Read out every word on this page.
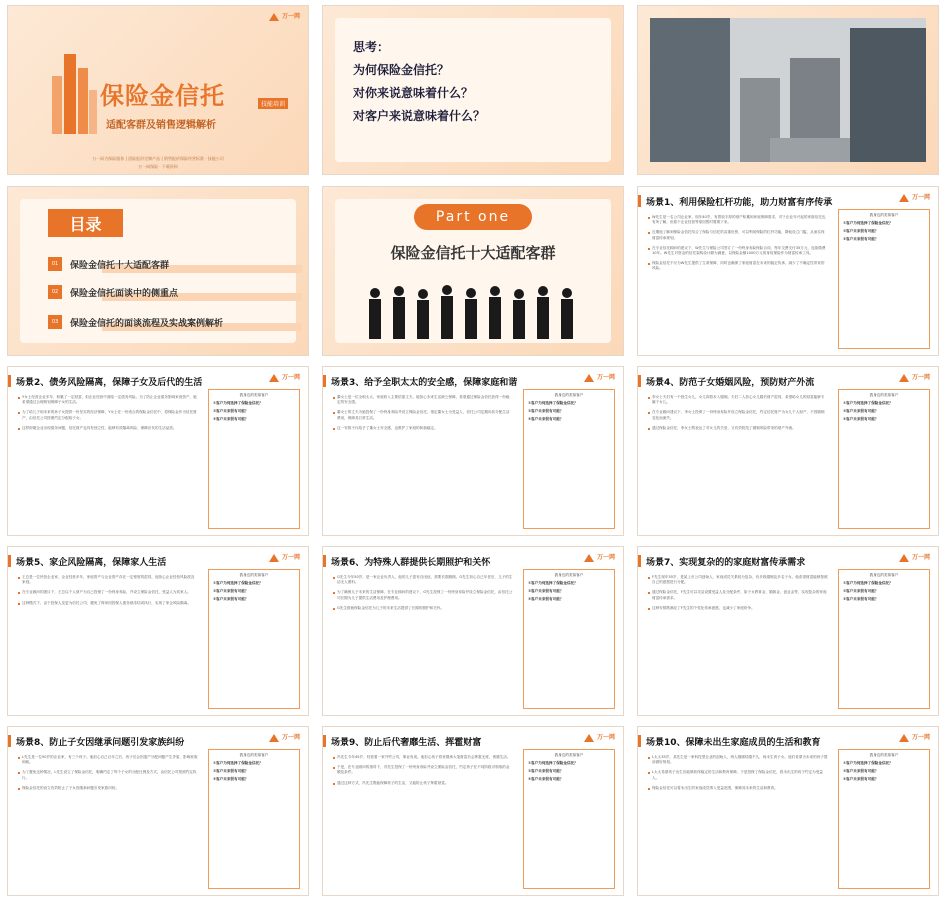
万一网
保险金信托	技能培训
适配客群及销售逻辑解析
万一网为保险服务 | 团险报价定制产品 | 销售报价保险经营标准 · 技能公司
万一网保险 · 下载资料
思考：
为何保险金信托？
对你来说意味着什么？
对客户来说意味着什么？
目录
01	保险金信托十大适配客群
02	保险金信托面谈中的侧重点
03	保险金信托的面谈流程及实战案例解析
Part one
保险金信托十大适配客群
万一网
场景1、利用保险杠杆功能，助力财富有序传承

W先生是一名公司企业家，现年40岁，有着较丰厚的财产积累和家庭保障需求，对于企业年兴起的家族信托也有所了解，但基于企业经营等原因暂时暂缓下来。

近期他了解到保险金信托结合了保险与信托的双重优势，可以利用保险的杠杆功能，降低设立门槛，从而实现财富传承规划。

在专业信托顾问的建议下，W先生与保险公司签订了一份终身寿险保险合同，每年交费支付35万元，连续缴费10年。W先生对资金的信托架构设计颇为满意，以保险金额1000万元的身故保险作为财富传承工具。

保险金信托不仅为W先生提供了生命保障，同时也确保了家庭财富在未来的稳定传承，减少了不确定性带来的风险。

我身边的类似客户
①客户为何选择了保险金信托？
②客户未来很有可能？
③客户未来很有可能？
万一网
场景2、债务风险隔离，保障子女及后代的生活

Y女士经营企业多年，积累了一定财富，但企业经营中面临一定债务风险。为了防止企业债务影响家庭资产，她希望通过合理规划保障子女的生活。

为了给儿子和未来的孙子女提供一份坚实的经济保障，Y女士在一份适合的保险金信托中，将保险金作为信托财产，由信托公司按照约定分配给子女。

这样即便企业出现债务问题，信托财产也具有独立性，能够有效隔离风险，保障后代的生活品质。

我身边的类似客户
①客户为何选择了保险金信托？
②客户未来很有可能？
③客户未来很有可能？
万一网
场景3、给予全职太太的安全感，保障家庭和谐

董女士是一位全职太太，家庭收入主要依靠丈夫。她担心未来生活缺乏保障，希望通过保险金信托获得一份稳定的安全感。

董女士的丈夫为她投保了一份终身寿险并设立保险金信托，指定董女士为受益人，信托公司定期向其分配生活费用，保障其日常生活。

这一安排不仅给予了董女士安全感，也维护了家庭的和谐稳定。

我身边的类似客户
①客户为何选择了保险金信托？
②客户未来很有可能？
③客户未来很有可能？
万一网
场景4、防范子女婚姻风险，预防财产外流

李女士夫妇有一个独生女儿，女儿即将步入婚姻。夫妇二人担心女儿婚后财产混同，希望给女儿的财富能够专属于女儿。

在专业顾问建议下，李女士投保了一份终身寿险并设立保险金信托，约定信托财产为女儿个人财产，不因婚姻变化而流失。

通过保险金信托，李女士既表达了对女儿的关爱，又有效防范了婚姻风险带来的财产外流。

我身边的类似客户
①客户为何选择了保险金信托？
②客户未来很有可能？
③客户未来很有可能？
万一网
场景5、家企风险隔离，保障家人生活

王总是一位民营企业家，企业经营多年，家庭资产与企业资产存在一定程度的混同，他担心企业经营风险波及家庭。

在专业顾问的建议下，王总以个人财产为自己投保了一份终身寿险，并设立保险金信托，受益人为其家人。

这种模式下，由于投保人变更为信托公司，避免了保单因投保人债务被冻结或执行，实现了家企风险隔离。

我身边的类似客户
①客户为何选择了保险金信托？
②客户未来很有可能？
③客户未来很有可能？
万一网
场景6、为特殊人群提供长期照护和关怀

G先生今年50岁，是一家企业负责人，他的儿子患有自闭症，需要长期照顾。G先生担心自己年老后，儿子的生活无人照料。

为了确保儿子未来的生活保障，在专业顾问的建议下，G先生投保了一份终身寿险并设立保险金信托，由信托公司长期为儿子提供生活费用及护理费用。

G先生借助保险金信托为儿子的未来生活提供了长期的照护和关怀。

我身边的类似客户
①客户为何选择了保险金信托？
②客户未来很有可能？
③客户未来很有可能？
万一网
场景7、实现复杂的的家庭财富传承需求

F先生现年55岁，是某上市公司创始人，家庭成员关系较为复杂，有多段婚姻及多名子女。他希望财富能够按照自己的意愿进行分配。

通过保险金信托，F先生可以灵活设置受益人及分配条件，如子女教育金、婚嫁金、创业金等，实现复杂的家庭财富传承需求。

这种安排既满足了F先生的个性化传承意愿，也减少了家庭纷争。

我身边的类似客户
①客户为何选择了保险金信托？
②客户未来很有可能？
③客户未来很有可能？
万一网
场景8、防止子女因继承问题引发家族纠纷

L先生是一位50岁的企业家，有三个孩子。他担心自己百年之后，孩子们会因遗产分配问题产生矛盾，影响家族和睦。

为了避免这种情况，L先生设立了保险金信托，明确约定了每个子女的分配比例及方式，由信托公司按照约定执行。

保险金信托的设立有效防止了子女因继承问题引发家族纠纷。

我身边的类似客户
①客户为何选择了保险金信托？
②客户未来很有可能？
③客户未来很有可能？
万一网
场景9、防止后代奢靡生活、挥霍财富

冯先生今年45岁，经营着一家外贸公司，事业有成。他担心孩子将来继承大笔财富后会挥霍无度，奢靡生活。

于是，在专业顾问的指导下，冯先生投保了一份终身寿险并设立保险金信托，约定孩子在不同阶段可领取的金额及条件。

通过这种方式，冯先生既能保障孩子的生活，又能防止孩子挥霍财富。

我身边的类似客户
①客户为何选择了保险金信托？
②客户未来很有可能？
③客户未来很有可能？
万一网
场景10、保障未出生家庭成员的生活和教育

L太太35岁，其先生是一家科技型企业的创始人，两人刚刚结婚不久，尚未生育子女。他们希望为未来的孩子提前做好规划。

L太太希望孩子出生后能够获得稳定的生活和教育保障，于是投保了保险金信托，将未出生的孩子约定为受益人。

保险金信托可以将未出生的家庭成员纳入受益范围，保障其未来的生活和教育。

我身边的类似客户
①客户为何选择了保险金信托？
②客户未来很有可能？
③客户未来很有可能？
